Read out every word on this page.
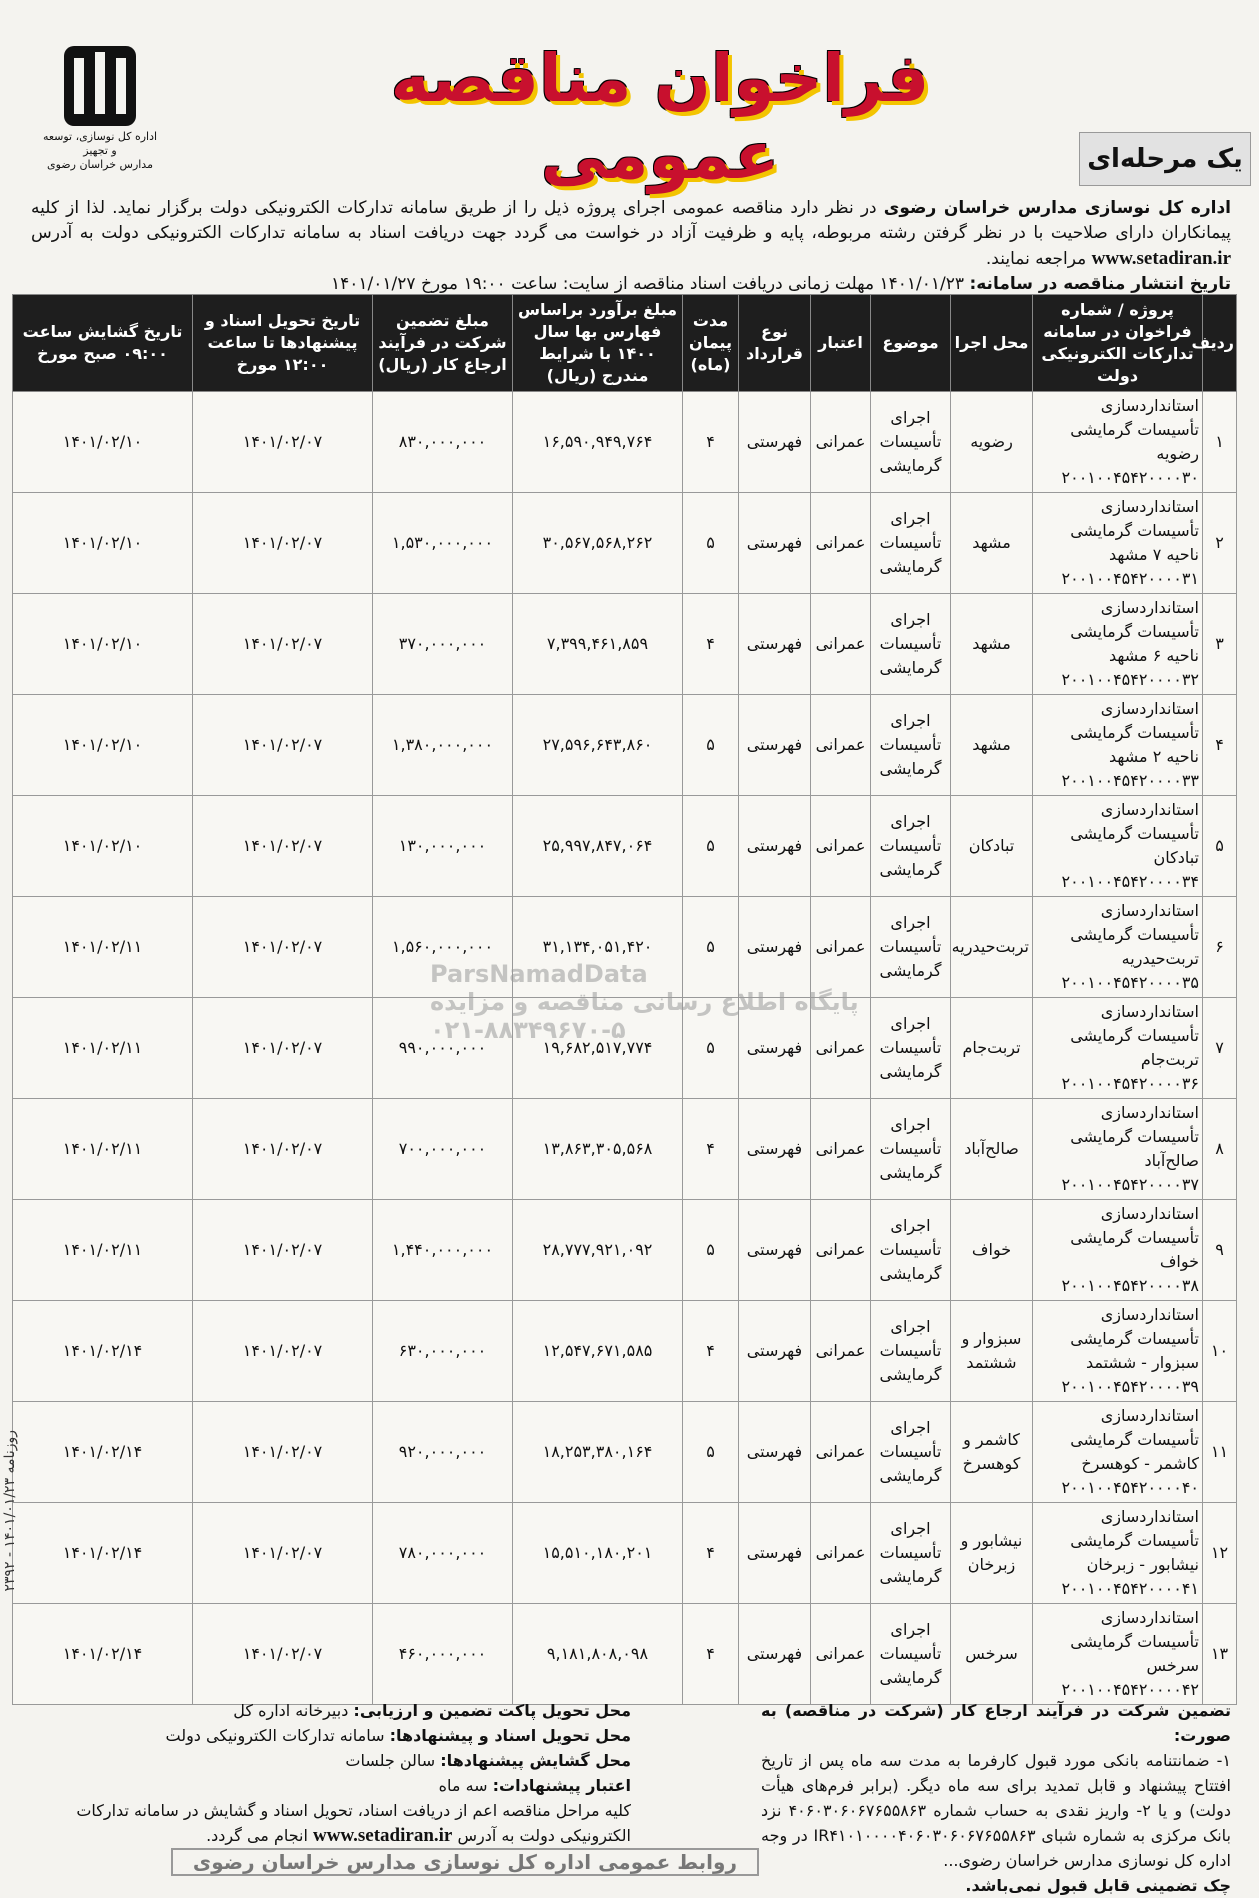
اداره کل نوسازی، توسعه و تجهیز
مدارس خراسان رضوی
فراخوان مناقصه عمومی	یک مرحله‌ای
اداره کل نوسازی مدارس خراسان رضوی در نظر دارد مناقصه عمومی اجرای پروژه ذیل را از طریق سامانه تدارکات الکترونیکی دولت برگزار نماید. لذا از کلیه پیمانکاران دارای صلاحیت با در نظر گرفتن رشته مربوطه، پایه و ظرفیت آزاد در خواست می گردد جهت دریافت اسناد به سامانه تدارکات الکترونیکی دولت به آدرس www.setadiran.ir مراجعه نمایند.
تاریخ انتشار مناقصه در سامانه: ۱۴۰۱/۰۱/۲۳ مهلت زمانی دریافت اسناد مناقصه از سایت: ساعت ۱۹:۰۰ مورخ ۱۴۰۱/۰۱/۲۷
ردیف	پروژه / شماره فراخوان در سامانه تدارکات الکترونیکی دولت	محل اجرا	موضوع	اعتبار	نوع قرارداد	مدت پیمان (ماه)	مبلغ برآورد براساس فهارس بها سال ۱۴۰۰ با شرایط مندرج (ریال)	مبلغ تضمین شرکت در فرآیند ارجاع کار (ریال)	تاریخ تحویل اسناد و پیشنهادها تا ساعت ۱۲:۰۰ مورخ	تاریخ گشایش ساعت ۰۹:۰۰ صبح مورخ
۱	استانداردسازی تأسیسات گرمایشی رضویه ۲۰۰۱۰۰۴۵۴۲۰۰۰۰۳۰	رضویه	اجرای تأسیسات گرمایشی	عمرانی	فهرستی	۴	۱۶,۵۹۰,۹۴۹,۷۶۴	۸۳۰,۰۰۰,۰۰۰	۱۴۰۱/۰۲/۰۷	۱۴۰۱/۰۲/۱۰
۲	استانداردسازی تأسیسات گرمایشی ناحیه ۷ مشهد ۲۰۰۱۰۰۴۵۴۲۰۰۰۰۳۱	مشهد	اجرای تأسیسات گرمایشی	عمرانی	فهرستی	۵	۳۰,۵۶۷,۵۶۸,۲۶۲	۱,۵۳۰,۰۰۰,۰۰۰	۱۴۰۱/۰۲/۰۷	۱۴۰۱/۰۲/۱۰
۳	استانداردسازی تأسیسات گرمایشی ناحیه ۶ مشهد ۲۰۰۱۰۰۴۵۴۲۰۰۰۰۳۲	مشهد	اجرای تأسیسات گرمایشی	عمرانی	فهرستی	۴	۷,۳۹۹,۴۶۱,۸۵۹	۳۷۰,۰۰۰,۰۰۰	۱۴۰۱/۰۲/۰۷	۱۴۰۱/۰۲/۱۰
۴	استانداردسازی تأسیسات گرمایشی ناحیه ۲ مشهد ۲۰۰۱۰۰۴۵۴۲۰۰۰۰۳۳	مشهد	اجرای تأسیسات گرمایشی	عمرانی	فهرستی	۵	۲۷,۵۹۶,۶۴۳,۸۶۰	۱,۳۸۰,۰۰۰,۰۰۰	۱۴۰۱/۰۲/۰۷	۱۴۰۱/۰۲/۱۰
۵	استانداردسازی تأسیسات گرمایشی تبادکان ۲۰۰۱۰۰۴۵۴۲۰۰۰۰۳۴	تبادکان	اجرای تأسیسات گرمایشی	عمرانی	فهرستی	۵	۲۵,۹۹۷,۸۴۷,۰۶۴	۱۳۰,۰۰۰,۰۰۰	۱۴۰۱/۰۲/۰۷	۱۴۰۱/۰۲/۱۰
۶	استانداردسازی تأسیسات گرمایشی تربت‌حیدریه ۲۰۰۱۰۰۴۵۴۲۰۰۰۰۳۵	تربت‌حیدریه	اجرای تأسیسات گرمایشی	عمرانی	فهرستی	۵	۳۱,۱۳۴,۰۵۱,۴۲۰	۱,۵۶۰,۰۰۰,۰۰۰	۱۴۰۱/۰۲/۰۷	۱۴۰۱/۰۲/۱۱
۷	استانداردسازی تأسیسات گرمایشی تربت‌جام ۲۰۰۱۰۰۴۵۴۲۰۰۰۰۳۶	تربت‌جام	اجرای تأسیسات گرمایشی	عمرانی	فهرستی	۵	۱۹,۶۸۲,۵۱۷,۷۷۴	۹۹۰,۰۰۰,۰۰۰	۱۴۰۱/۰۲/۰۷	۱۴۰۱/۰۲/۱۱
۸	استانداردسازی تأسیسات گرمایشی صالح‌آباد ۲۰۰۱۰۰۴۵۴۲۰۰۰۰۳۷	صالح‌آباد	اجرای تأسیسات گرمایشی	عمرانی	فهرستی	۴	۱۳,۸۶۳,۳۰۵,۵۶۸	۷۰۰,۰۰۰,۰۰۰	۱۴۰۱/۰۲/۰۷	۱۴۰۱/۰۲/۱۱
۹	استانداردسازی تأسیسات گرمایشی خواف ۲۰۰۱۰۰۴۵۴۲۰۰۰۰۳۸	خواف	اجرای تأسیسات گرمایشی	عمرانی	فهرستی	۵	۲۸,۷۷۷,۹۲۱,۰۹۲	۱,۴۴۰,۰۰۰,۰۰۰	۱۴۰۱/۰۲/۰۷	۱۴۰۱/۰۲/۱۱
۱۰	استانداردسازی تأسیسات گرمایشی سبزوار - ششتمد ۲۰۰۱۰۰۴۵۴۲۰۰۰۰۳۹	سبزوار و ششتمد	اجرای تأسیسات گرمایشی	عمرانی	فهرستی	۴	۱۲,۵۴۷,۶۷۱,۵۸۵	۶۳۰,۰۰۰,۰۰۰	۱۴۰۱/۰۲/۰۷	۱۴۰۱/۰۲/۱۴
۱۱	استانداردسازی تأسیسات گرمایشی کاشمر - کوهسرخ ۲۰۰۱۰۰۴۵۴۲۰۰۰۰۴۰	کاشمر و کوهسرخ	اجرای تأسیسات گرمایشی	عمرانی	فهرستی	۵	۱۸,۲۵۳,۳۸۰,۱۶۴	۹۲۰,۰۰۰,۰۰۰	۱۴۰۱/۰۲/۰۷	۱۴۰۱/۰۲/۱۴
۱۲	استانداردسازی تأسیسات گرمایشی نیشابور - زبرخان ۲۰۰۱۰۰۴۵۴۲۰۰۰۰۴۱	نیشابور و زبرخان	اجرای تأسیسات گرمایشی	عمرانی	فهرستی	۴	۱۵,۵۱۰,۱۸۰,۲۰۱	۷۸۰,۰۰۰,۰۰۰	۱۴۰۱/۰۲/۰۷	۱۴۰۱/۰۲/۱۴
۱۳	استانداردسازی تأسیسات گرمایشی سرخس ۲۰۰۱۰۰۴۵۴۲۰۰۰۰۴۲	سرخس	اجرای تأسیسات گرمایشی	عمرانی	فهرستی	۴	۹,۱۸۱,۸۰۸,۰۹۸	۴۶۰,۰۰۰,۰۰۰	۱۴۰۱/۰۲/۰۷	۱۴۰۱/۰۲/۱۴
ParsNamadData
پایگاه اطلاع رسانی مناقصه و مزایده
۰۲۱-۸۸۳۴۹۶۷۰-۵
تضمین شرکت در فرآیند ارجاع کار (شرکت در مناقصه) به صورت:
۱- ضمانتنامه بانکی مورد قبول کارفرما به مدت سه ماه پس از تاریخ افتتاح پیشنهاد و قابل تمدید برای سه ماه دیگر. (برابر فرم‌های هیأت دولت) و یا ۲- واریز نقدی به حساب شماره ۴۰۶۰۳۰۶۰۶۷۶۵۵۸۶۳ نزد بانک مرکزی به شماره شبای IR۴۱۰۱۰۰۰۰۴۰۶۰۳۰۶۰۶۷۶۵۵۸۶۳ در وجه اداره کل نوسازی مدارس خراسان رضوی...
چک تضمینی قابل قبول نمی‌باشد.
محل تحویل پاکت تضمین و ارزیابی: دبیرخانه اداره کل
محل تحویل اسناد و پیشنهادها: سامانه تدارکات الکترونیکی دولت
محل گشایش پیشنهادها: سالن جلسات
اعتبار پیشنهادات: سه ماه
کلیه مراحل مناقصه اعم از دریافت اسناد، تحویل اسناد و گشایش در سامانه تدارکات الکترونیکی دولت به آدرس www.setadiran.ir انجام می گردد.
روابط عمومی اداره کل نوسازی مدارس خراسان رضوی
روزنامه ۱۴۰۱/۰۱/۲۳ - ۲۳۹۲
